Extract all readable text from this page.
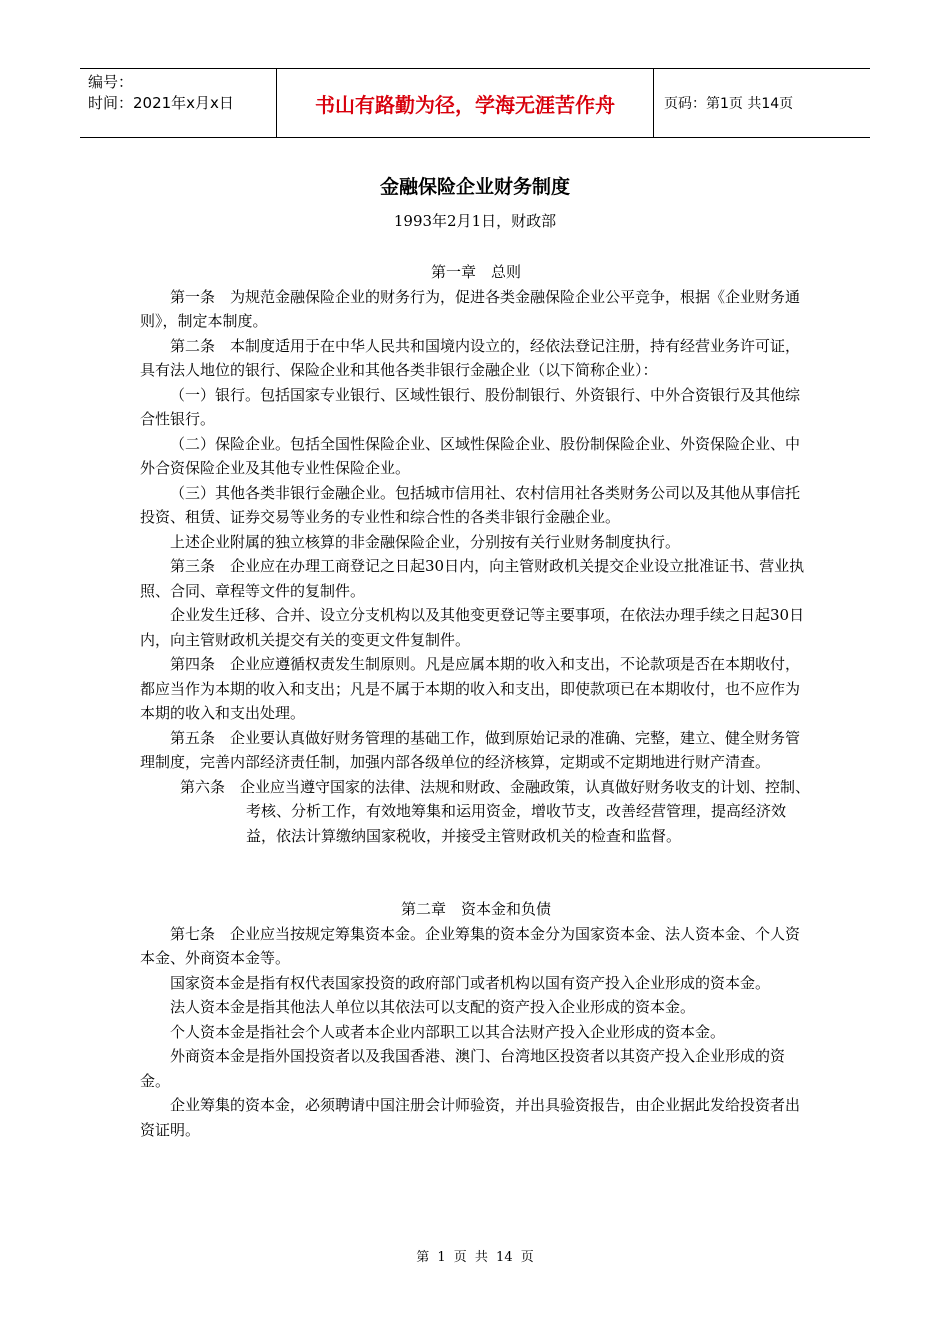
编号：
时间：2021年x月x日	书山有路勤为径，学海无涯苦作舟	页码：第1页 共14页
金融保险企业财务制度
1993年2月1日，财政部

第一章　总则

第一条　为规范金融保险企业的财务行为，促进各类金融保险企业公平竞争，根据《企业财务通则》，制定本制度。

第二条　本制度适用于在中华人民共和国境内设立的，经依法登记注册，持有经营业务许可证，具有法人地位的银行、保险企业和其他各类非银行金融企业（以下简称企业）：

（一）银行。包括国家专业银行、区域性银行、股份制银行、外资银行、中外合资银行及其他综合性银行。

（二）保险企业。包括全国性保险企业、区域性保险企业、股份制保险企业、外资保险企业、中外合资保险企业及其他专业性保险企业。

（三）其他各类非银行金融企业。包括城市信用社、农村信用社各类财务公司以及其他从事信托投资、租赁、证券交易等业务的专业性和综合性的各类非银行金融企业。

上述企业附属的独立核算的非金融保险企业，分别按有关行业财务制度执行。

第三条　企业应在办理工商登记之日起30日内，向主管财政机关提交企业设立批准证书、营业执照、合同、章程等文件的复制件。

企业发生迁移、合并、设立分支机构以及其他变更登记等主要事项，在依法办理手续之日起30日内，向主管财政机关提交有关的变更文件复制件。

第四条　企业应遵循权责发生制原则。凡是应属本期的收入和支出，不论款项是否在本期收付，都应当作为本期的收入和支出；凡是不属于本期的收入和支出，即使款项已在本期收付，也不应作为本期的收入和支出处理。

第五条　企业要认真做好财务管理的基础工作，做到原始记录的准确、完整，建立、健全财务管理制度，完善内部经济责任制，加强内部各级单位的经济核算，定期或不定期地进行财产清查。

第六条　企业应当遵守国家的法律、法规和财政、金融政策，认真做好财务收支的计划、控制、考核、分析工作，有效地筹集和运用资金，增收节支，改善经营管理，提高经济效益，依法计算缴纳国家税收，并接受主管财政机关的检查和监督。

第二章　资本金和负债

第七条　企业应当按规定筹集资本金。企业筹集的资本金分为国家资本金、法人资本金、个人资本金、外商资本金等。

国家资本金是指有权代表国家投资的政府部门或者机构以国有资产投入企业形成的资本金。

法人资本金是指其他法人单位以其依法可以支配的资产投入企业形成的资本金。

个人资本金是指社会个人或者本企业内部职工以其合法财产投入企业形成的资本金。

外商资本金是指外国投资者以及我国香港、澳门、台湾地区投资者以其资产投入企业形成的资金。

企业筹集的资本金，必须聘请中国注册会计师验资，并出具验资报告，由企业据此发给投资者出资证明。

第 1 页 共 14 页
